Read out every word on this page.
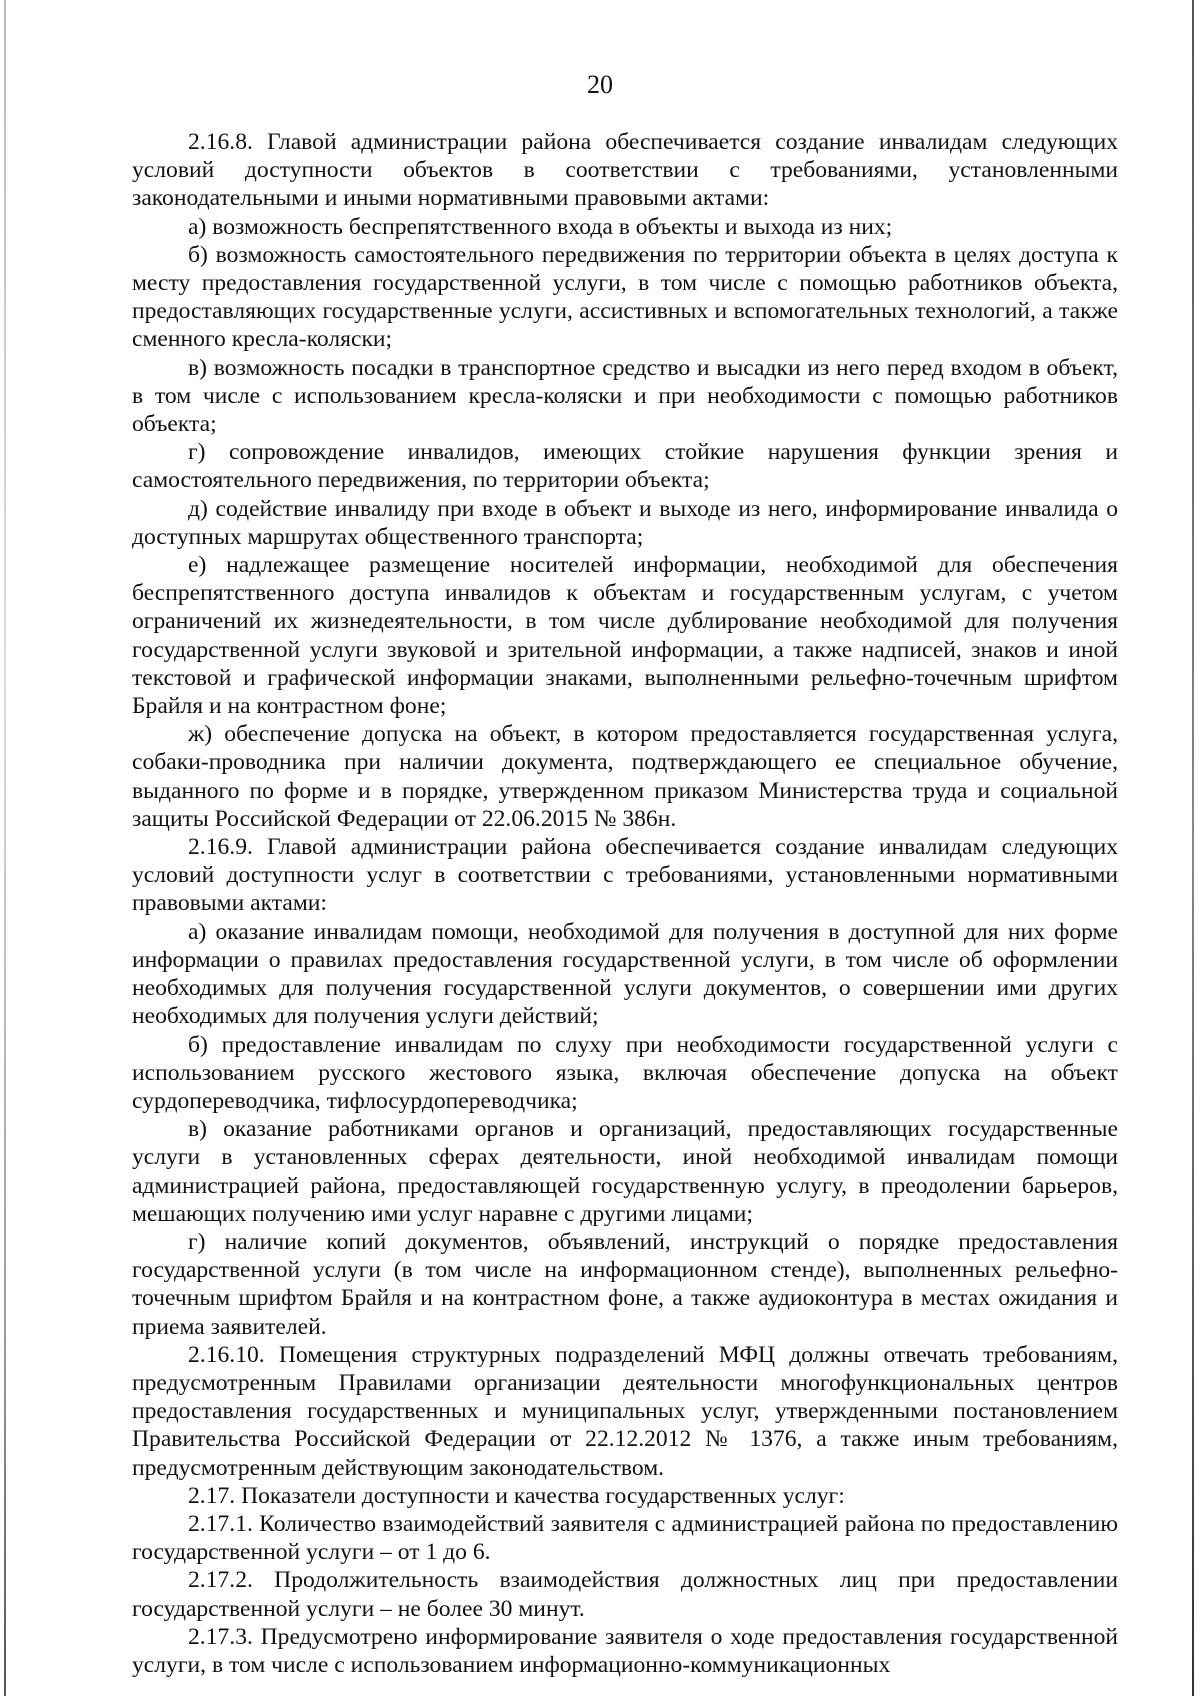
20

2.16.8. Главой администрации района обеспечивается создание инвалидам следующих условий доступности объектов в соответствии с требованиями, установленными законодательными и иными нормативными правовыми актами:

а) возможность беспрепятственного входа в объекты и выхода из них;

б) возможность самостоятельного передвижения по территории объекта в целях доступа к месту предоставления государственной услуги, в том числе с помощью работников объекта, предоставляющих государственные услуги, ассистивных и вспомогательных технологий, а также сменного кресла-коляски;

в) возможность посадки в транспортное средство и высадки из него перед входом в объект, в том числе с использованием кресла-коляски и при необходимости с помощью работников объекта;

г) сопровождение инвалидов, имеющих стойкие нарушения функции зрения и самостоятельного передвижения, по территории объекта;

д) содействие инвалиду при входе в объект и выходе из него, информирование инвалида о доступных маршрутах общественного транспорта;

е) надлежащее размещение носителей информации, необходимой для обеспечения беспрепятственного доступа инвалидов к объектам и государственным услугам, с учетом ограничений их жизнедеятельности, в том числе дублирование необходимой для получения государственной услуги звуковой и зрительной информации, а также надписей, знаков и иной текстовой и графической информации знаками, выполненными рельефно-точечным шрифтом Брайля и на контрастном фоне;

ж) обеспечение допуска на объект, в котором предоставляется государственная услуга, собаки-проводника при наличии документа, подтверждающего ее специальное обучение, выданного по форме и в порядке, утвержденном приказом Министерства труда и социальной защиты Российской Федерации от 22.06.2015 № 386н.

2.16.9. Главой администрации района обеспечивается создание инвалидам следующих условий доступности услуг в соответствии с требованиями, установленными нормативными правовыми актами:

а) оказание инвалидам помощи, необходимой для получения в доступной для них форме информации о правилах предоставления государственной услуги, в том числе об оформлении необходимых для получения государственной услуги документов, о совершении ими других необходимых для получения услуги действий;

б) предоставление инвалидам по слуху при необходимости государственной услуги с использованием русского жестового языка, включая обеспечение допуска на объект сурдопереводчика, тифлосурдопереводчика;

в) оказание работниками органов и организаций, предоставляющих государственные услуги в установленных сферах деятельности, иной необходимой инвалидам помощи администрацией района, предоставляющей государственную услугу, в преодолении барьеров, мешающих получению ими услуг наравне с другими лицами;

г) наличие копий документов, объявлений, инструкций о порядке предоставления государственной услуги (в том числе на информационном стенде), выполненных рельефно-точечным шрифтом Брайля и на контрастном фоне, а также аудиоконтура в местах ожидания и приема заявителей.

2.16.10. Помещения структурных подразделений МФЦ должны отвечать требованиям, предусмотренным Правилами организации деятельности многофункциональных центров предоставления государственных и муниципальных услуг, утвержденными постановлением Правительства Российской Федерации от 22.12.2012 № 1376, а также иным требованиям, предусмотренным действующим законодательством.

2.17. Показатели доступности и качества государственных услуг:

2.17.1. Количество взаимодействий заявителя с администрацией района по предоставлению государственной услуги – от 1 до 6.

2.17.2. Продолжительность взаимодействия должностных лиц при предоставлении государственной услуги – не более 30 минут.

2.17.3. Предусмотрено информирование заявителя о ходе предоставления государственной услуги, в том числе с использованием информационно-коммуникационных
